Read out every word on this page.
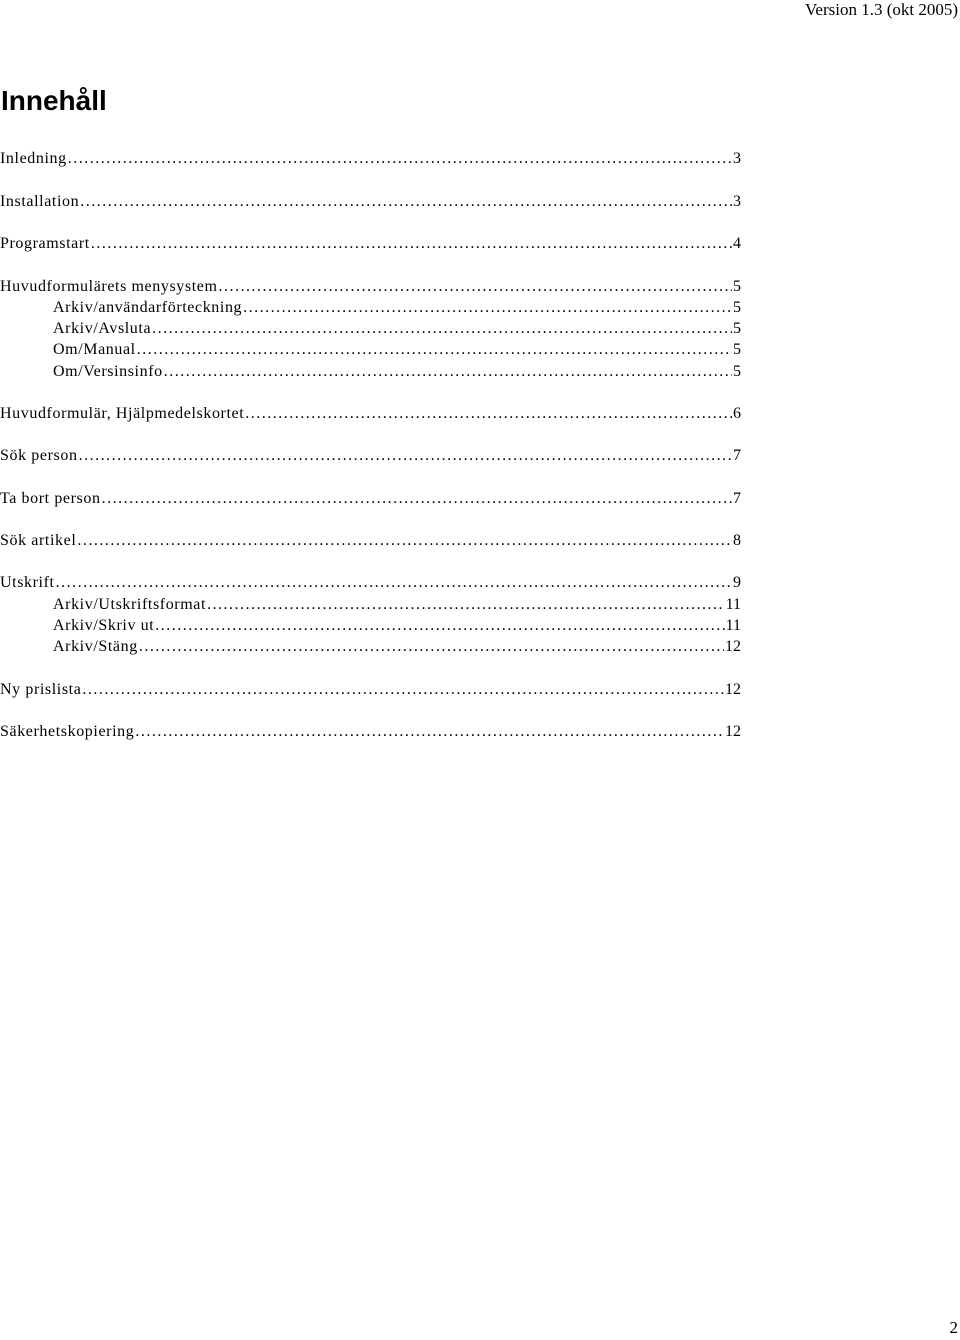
Version 1.3 (okt 2005)
Innehåll
Inledning .....	3
Installation .....	3
Programstart .....	4
Huvudformulärets menysystem .....	5
Arkiv/användarförteckning .....	5
Arkiv/Avsluta .....	5
Om/Manual .....	5
Om/Versinsinfo .....	5
Huvudformulär, Hjälpmedelskortet .....	6
Sök person .....	7
Ta bort person .....	7
Sök artikel .....	8
Utskrift .....	9
Arkiv/Utskriftsformat .....	11
Arkiv/Skriv ut .....	11
Arkiv/Stäng .....	12
Ny prislista .....	12
Säkerhetskopiering .....	12
2
